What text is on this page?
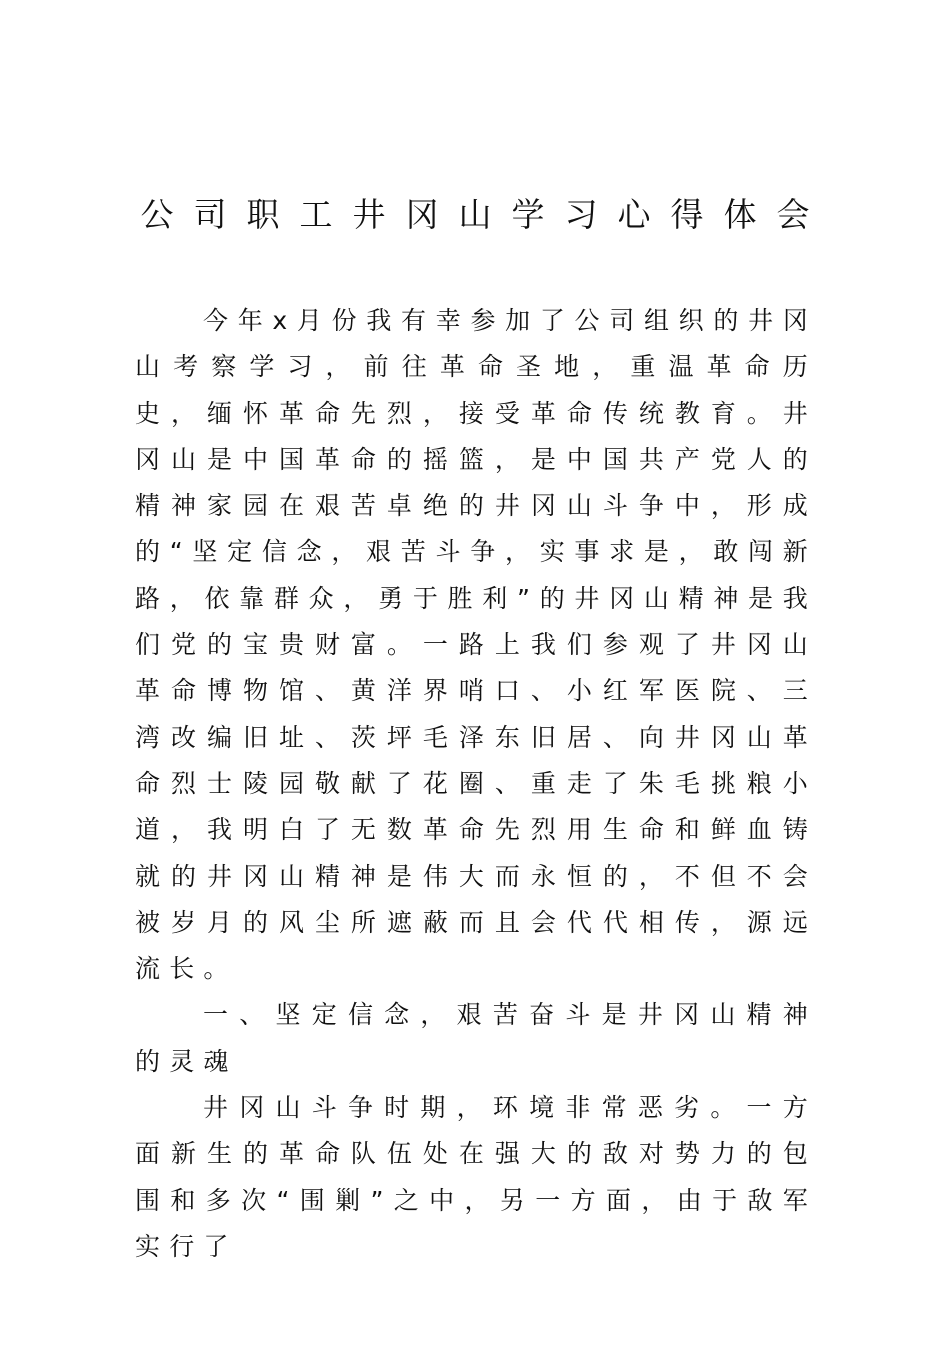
公司职工井冈山学习心得体会

今年x月份我有幸参加了公司组织的井冈山考察学习，前往革命圣地，重温革命历史，缅怀革命先烈，接受革命传统教育。井冈山是中国革命的摇篮，是中国共产党人的精神家园在艰苦卓绝的井冈山斗争中，形成的“坚定信念，艰苦斗争，实事求是，敢闯新路，依靠群众，勇于胜利”的井冈山精神是我们党的宝贵财富。一路上我们参观了井冈山革命博物馆、黄洋界哨口、小红军医院、三湾改编旧址、茨坪毛泽东旧居、向井冈山革命烈士陵园敬献了花圈、重走了朱毛挑粮小道，我明白了无数革命先烈用生命和鲜血铸就的井冈山精神是伟大而永恒的，不但不会被岁月的风尘所遮蔽而且会代代相传，源远流长。

一、坚定信念，艰苦奋斗是井冈山精神的灵魂

井冈山斗争时期，环境非常恶劣。一方面新生的革命队伍处在强大的敌对势力的包围和多次“围剿”之中，另一方面，由于敌军实行了
